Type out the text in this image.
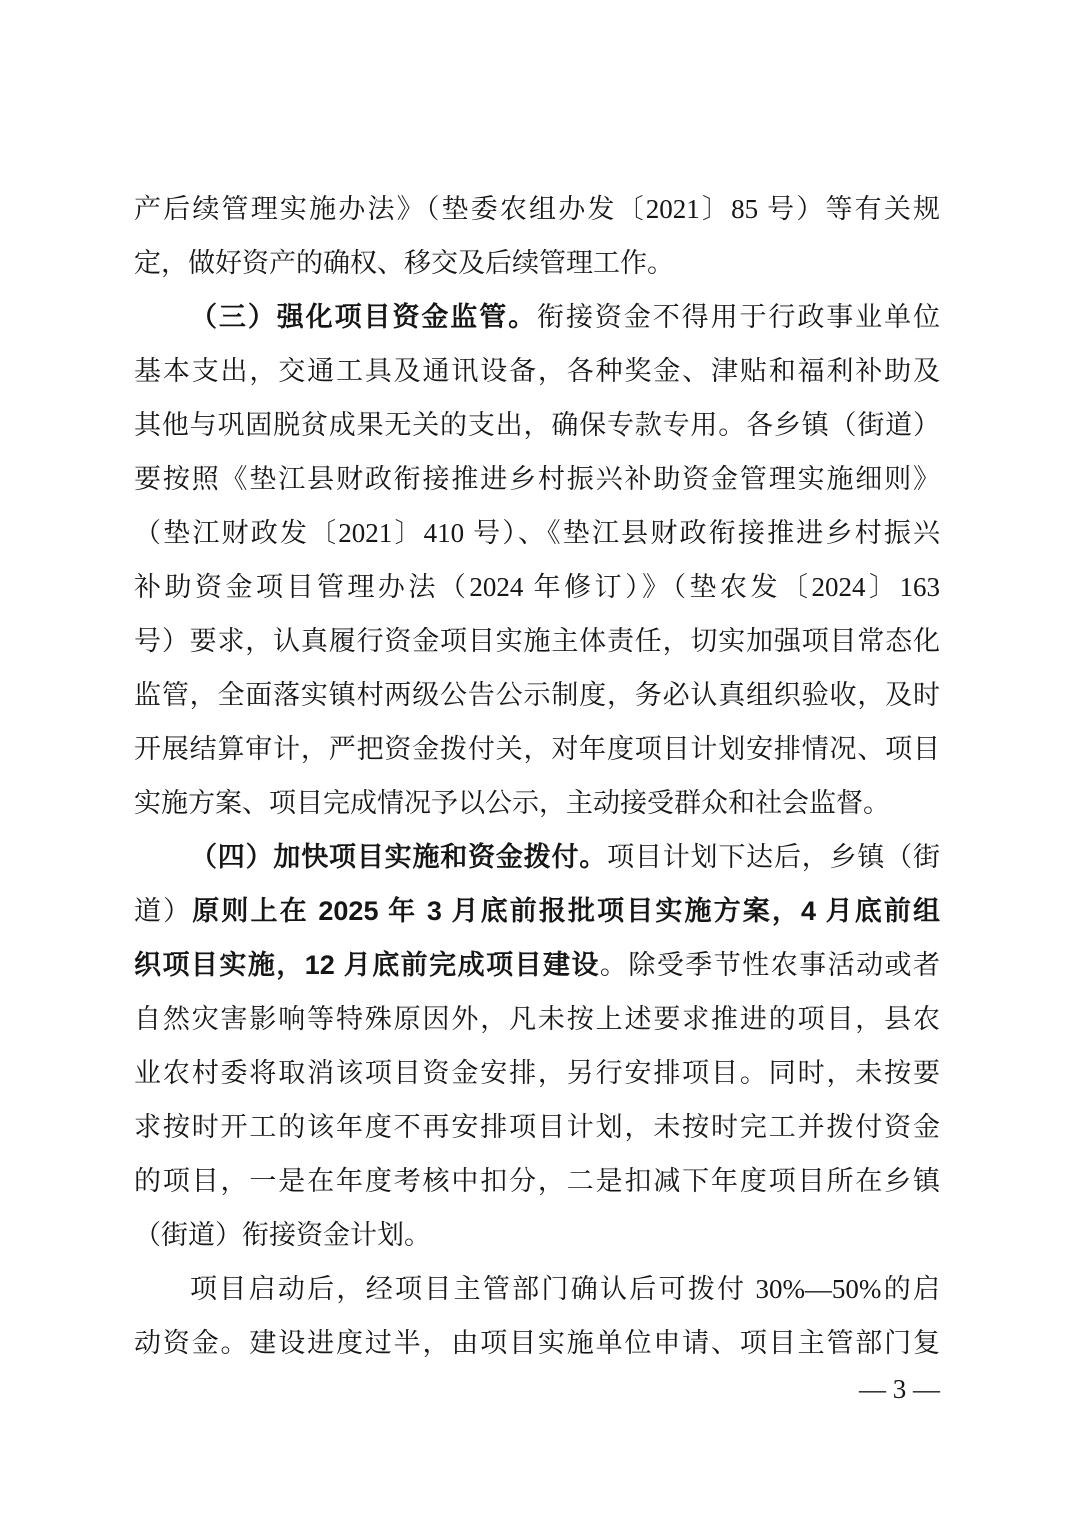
产后续管理实施办法》（垫委农组办发〔2021〕85 号）等有关规
定，做好资产的确权、移交及后续管理工作。
（三）强化项目资金监管。衔接资金不得用于行政事业单位
基本支出，交通工具及通讯设备，各种奖金、津贴和福利补助及
其他与巩固脱贫成果无关的支出，确保专款专用。各乡镇（街道）
要按照《垫江县财政衔接推进乡村振兴补助资金管理实施细则》
（垫江财政发〔2021〕410 号）、《垫江县财政衔接推进乡村振兴
补助资金项目管理办法（2024 年修订）》（垫农发〔2024〕163
号）要求，认真履行资金项目实施主体责任，切实加强项目常态化
监管，全面落实镇村两级公告公示制度，务必认真组织验收，及时
开展结算审计，严把资金拨付关，对年度项目计划安排情况、项目
实施方案、项目完成情况予以公示，主动接受群众和社会监督。
（四）加快项目实施和资金拨付。项目计划下达后，乡镇（街
道）原则上在 2025 年 3 月底前报批项目实施方案，4 月底前组
织项目实施，12 月底前完成项目建设。除受季节性农事活动或者
自然灾害影响等特殊原因外，凡未按上述要求推进的项目，县农
业农村委将取消该项目资金安排，另行安排项目。同时，未按要
求按时开工的该年度不再安排项目计划，未按时完工并拨付资金
的项目，一是在年度考核中扣分，二是扣减下年度项目所在乡镇
（街道）衔接资金计划。
项目启动后，经项目主管部门确认后可拨付 30%—50%的启
动资金。建设进度过半，由项目实施单位申请、项目主管部门复
— 3 —
